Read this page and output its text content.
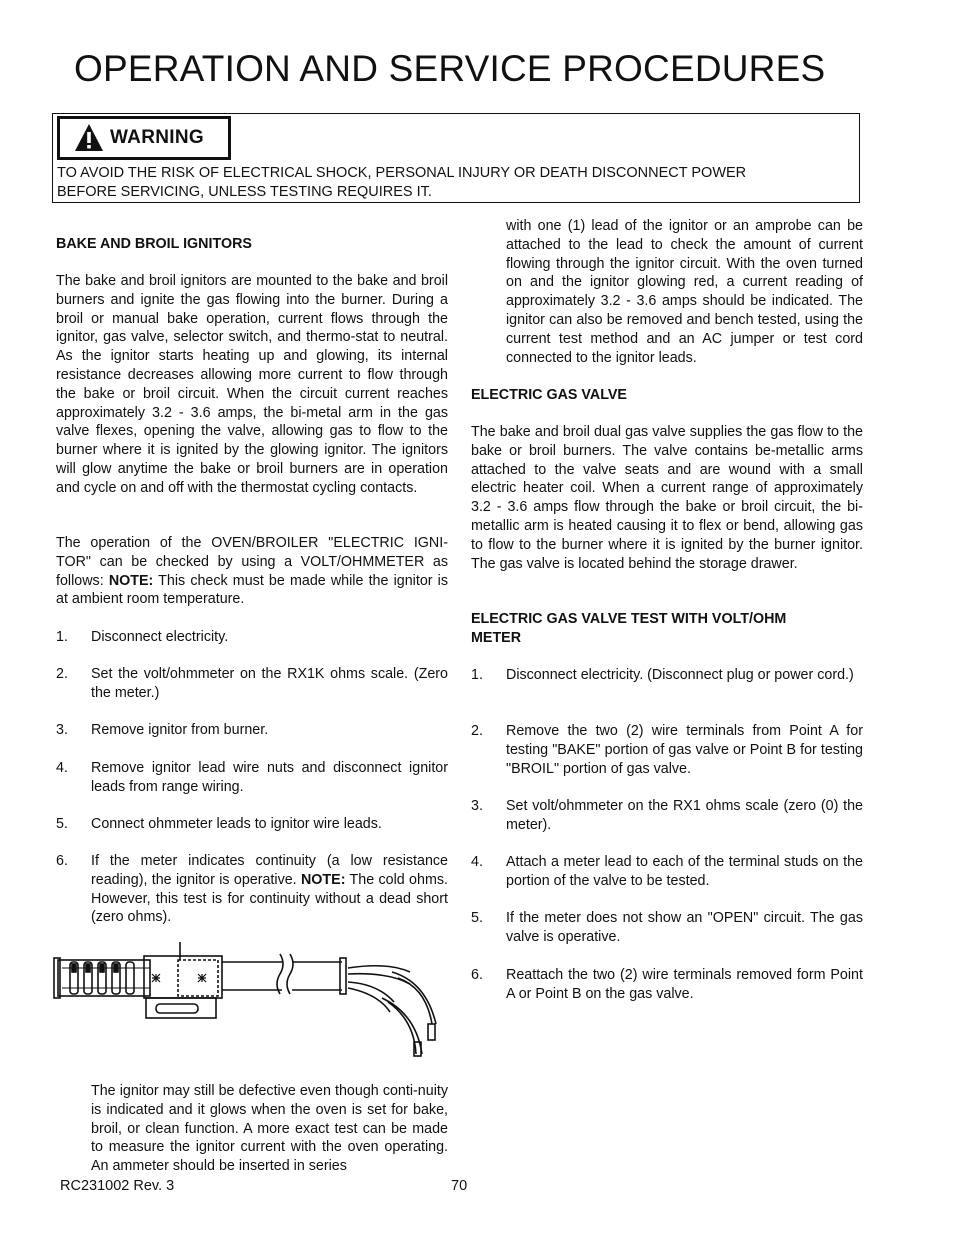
OPERATION AND SERVICE PROCEDURES
WARNING
TO AVOID THE RISK OF ELECTRICAL SHOCK, PERSONAL INJURY OR DEATH DISCONNECT POWER
BEFORE SERVICING, UNLESS TESTING REQUIRES IT.
BAKE AND BROIL IGNITORS

The bake and broil ignitors are mounted to the bake and broil burners and ignite the gas flowing into the burner. During a broil or manual bake operation, current flows through the ignitor, gas valve, selector switch, and thermo-stat to neutral. As the ignitor starts heating up and glowing, its internal resistance decreases allowing more current to flow through the bake or broil circuit. When the circuit current reaches approximately 3.2 - 3.6 amps, the bi-metal arm in the gas valve flexes, opening the valve, allowing gas to flow to the burner where it is ignited by the glowing ignitor. The ignitors will glow anytime the bake or broil burners are in operation and cycle on and off with the thermostat cycling contacts.

The operation of the OVEN/BROILER "ELECTRIC IGNI-TOR" can be checked by using a VOLT/OHMMETER as follows: NOTE: This check must be made while the ignitor is at ambient room temperature.

1. Disconnect electricity.
2. Set the volt/ohmmeter on the RX1K ohms scale. (Zero the meter.)
3. Remove ignitor from burner.
4. Remove ignitor lead wire nuts and disconnect ignitor leads from range wiring.
5. Connect ohmmeter leads to ignitor wire leads.
6. If the meter indicates continuity (a low resistance reading), the ignitor is operative. NOTE: The cold ohms. However, this test is for continuity without a dead short (zero ohms).

The ignitor may still be defective even though conti-nuity is indicated and it glows when the oven is set for bake, broil, or clean function. A more exact test can be made to measure the ignitor current with the oven operating. An ammeter should be inserted in series

with one (1) lead of the ignitor or an amprobe can be attached to the lead to check the amount of current flowing through the ignitor circuit. With the oven turned on and the ignitor glowing red, a current reading of approximately 3.2 - 3.6 amps should be indicated. The ignitor can also be removed and bench tested, using the current test method and an AC jumper or test cord connected to the ignitor leads.

ELECTRIC GAS VALVE

The bake and broil dual gas valve supplies the gas flow to the bake or broil burners. The valve contains be-metallic arms attached to the valve seats and are wound with a small electric heater coil. When a current range of approximately 3.2 - 3.6 amps flow through the bake or broil circuit, the bi-metallic arm is heated causing it to flex or bend, allowing gas to flow to the burner where it is ignited by the burner ignitor. The gas valve is located behind the storage drawer.

ELECTRIC GAS VALVE TEST WITH VOLT/OHM METER
1. Disconnect electricity. (Disconnect plug or power cord.)
2. Remove the two (2) wire terminals from Point A for testing "BAKE" portion of gas valve or Point B for testing "BROIL" portion of gas valve.
3. Set volt/ohmmeter on the RX1 ohms scale (zero (0) the meter).
4. Attach a meter lead to each of the terminal studs on the portion of the valve to be tested.
5. If the meter does not show an "OPEN" circuit. The gas valve is operative.
6. Reattach the two (2) wire terminals removed form Point A or Point B on the gas valve.
RC231002 Rev. 3	70
